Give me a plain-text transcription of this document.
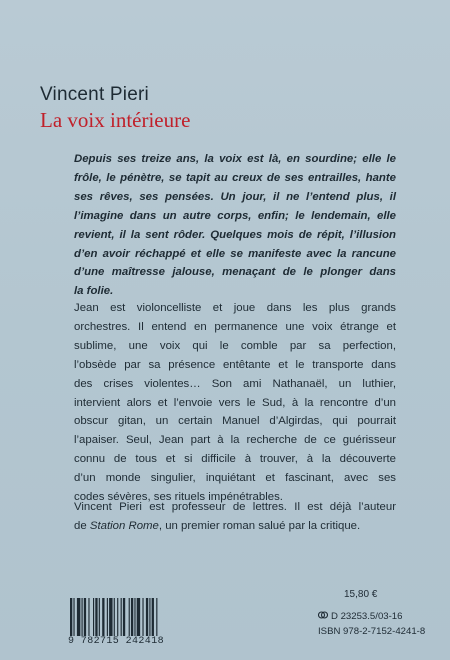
Vincent Pieri
La voix intérieure
Depuis ses treize ans, la voix est là, en sourdine; elle le
frôle, le pénètre, se tapit au creux de ses entrailles, hante
ses rêves, ses pensées. Un jour, il ne l’entend plus, il
l’imagine dans un autre corps, enfin; le lendemain, elle
revient, il la sent rôder. Quelques mois de répit, l’illusion
d’en avoir réchappé et elle se manifeste avec la rancune
d’une maîtresse jalouse, menaçant de le plonger dans
la folie.
Jean est violoncelliste et joue dans les plus grands
orchestres. Il entend en permanence une voix étrange et
sublime, une voix qui le comble par sa perfection,
l’obsède par sa présence entêtante et le transporte dans
des crises violentes… Son ami Nathanaël, un luthier,
intervient alors et l’envoie vers le Sud, à la rencontre d’un
obscur gitan, un certain Manuel d’Algirdas, qui pourrait
l’apaiser. Seul, Jean part à la recherche de ce guérisseur
connu de tous et si difficile à trouver, à la découverte
d’un monde singulier, inquiétant et fascinant, avec ses
codes sévères, ses rituels impénétrables.
Vincent Pieri est professeur de lettres. Il est déjà l’auteur
de Station Rome, un premier roman salué par la critique.
15,80 €
D 23253.5/03-16
ISBN 978-2-7152-4241-8
9 782715 242418
